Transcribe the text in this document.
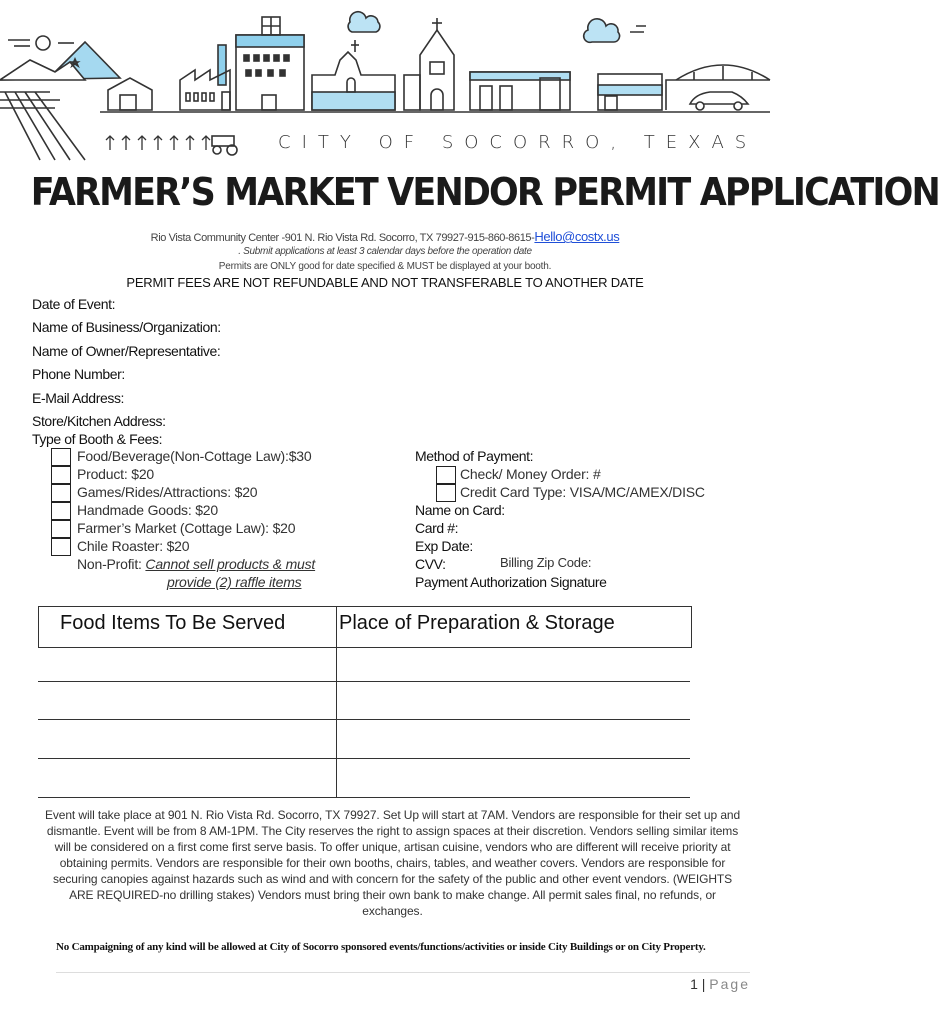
CITY OF SOCORRO, TEXAS
FARMER’S MARKET VENDOR PERMIT APPLICATION
Rio Vista Community Center -901 N. Rio Vista Rd. Socorro, TX 79927-915-860-8615-Hello@costx.us
. Submit applications at least 3 calendar days before the operation date
Permits are ONLY good for date specified & MUST be displayed at your booth.
PERMIT FEES ARE NOT REFUNDABLE AND NOT TRANSFERABLE TO ANOTHER DATE
Date of Event:
Name of Business/Organization:
Name of Owner/Representative:
Phone Number:
E-Mail Address:
Store/Kitchen Address:
Type of Booth & Fees:
Food/Beverage(Non-Cottage Law):$30
Product: $20
Games/Rides/Attractions: $20
Handmade Goods: $20
Farmer’s Market (Cottage Law): $20
Chile Roaster: $20
Non-Profit: Cannot sell products & must
provide (2) raffle items
Method of Payment:
Check/ Money Order: #
Credit Card Type: VISA/MC/AMEX/DISC
Name on Card:
Card #:
Exp Date:
CVV:	Billing Zip Code:
Payment Authorization Signature
Food Items To Be Served	Place of Preparation & Storage
Event will take place at 901 N. Rio Vista Rd. Socorro, TX 79927. Set Up will start at 7AM. Vendors are responsible for their set up and dismantle. Event will be from 8 AM-1PM. The City reserves the right to assign spaces at their discretion. Vendors selling similar items will be considered on a first come first serve basis. To offer unique, artisan cuisine, vendors who are different will receive priority at obtaining permits. Vendors are responsible for their own booths, chairs, tables, and weather covers. Vendors are responsible for securing canopies against hazards such as wind and with concern for the safety of the public and other event vendors. (WEIGHTS ARE REQUIRED-no drilling stakes) Vendors must bring their own bank to make change. All permit sales final, no refunds, or exchanges.
No Campaigning of any kind will be allowed at City of Socorro sponsored events/functions/activities or inside City Buildings or on City Property.
1 | Page
